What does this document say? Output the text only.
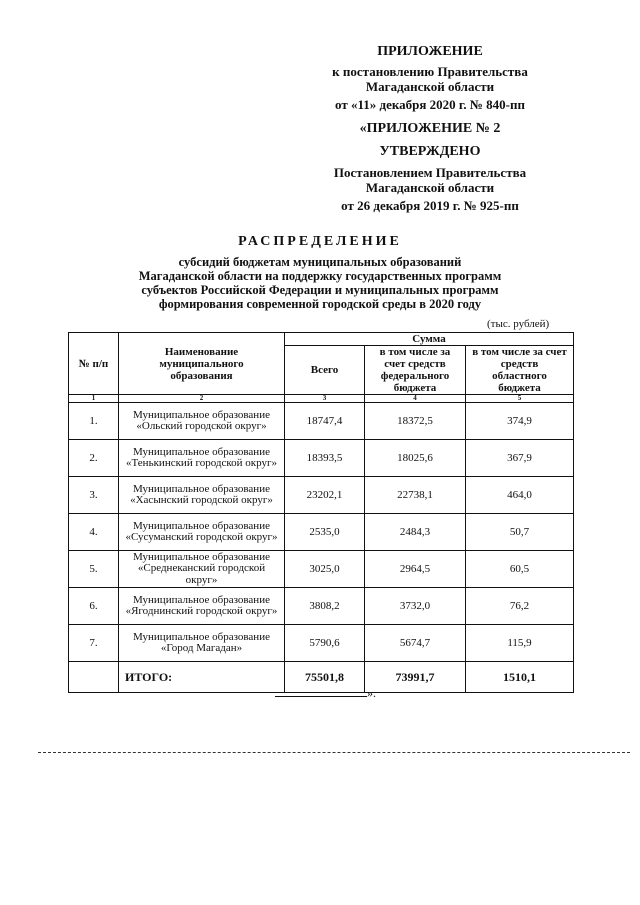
ПРИЛОЖЕНИЕ
к постановлению Правительства
Магаданской области
от «11» декабря 2020 г. № 840-пп
«ПРИЛОЖЕНИЕ № 2
УТВЕРЖДЕНО
Постановлением Правительства
Магаданской области
от 26 декабря 2019 г. № 925-пп
РАСПРЕДЕЛЕНИЕ
субсидий бюджетам муниципальных образований
Магаданской области на поддержку государственных программ
субъектов Российской Федерации и муниципальных программ
формирования современной городской среды в 2020 году
(тыс. рублей)
№ п/п	Наименование муниципального образования	Сумма		
		Всего	в том числе за счет средств федерального бюджета	в том числе за счет средств областного бюджета
1	2	3	4	5
1.	Муниципальное образование «Ольский городской округ»	18747,4	18372,5	374,9
2.	Муниципальное образование «Тенькинский городской округ»	18393,5	18025,6	367,9
3.	Муниципальное образование «Хасынский городской округ»	23202,1	22738,1	464,0
4.	Муниципальное образование «Сусуманский городской округ»	2535,0	2484,3	50,7
5.	Муниципальное образование «Среднеканский городской округ»	3025,0	2964,5	60,5
6.	Муниципальное образование «Ягоднинский городской округ»	3808,2	3732,0	76,2
7.	Муниципальное образование «Город Магадан»	5790,6	5674,7	115,9
	ИТОГО:	75501,8	73991,7	1510,1
».
